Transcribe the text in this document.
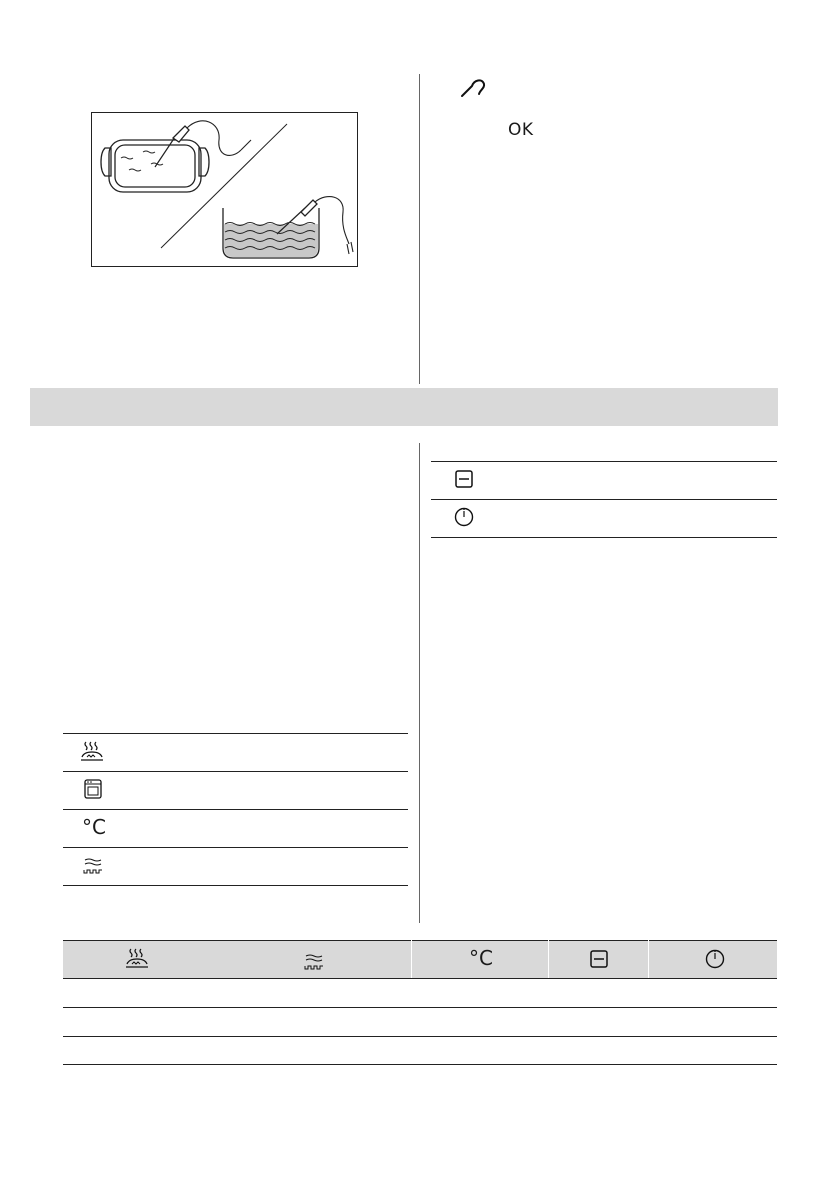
OK
°C
°C
